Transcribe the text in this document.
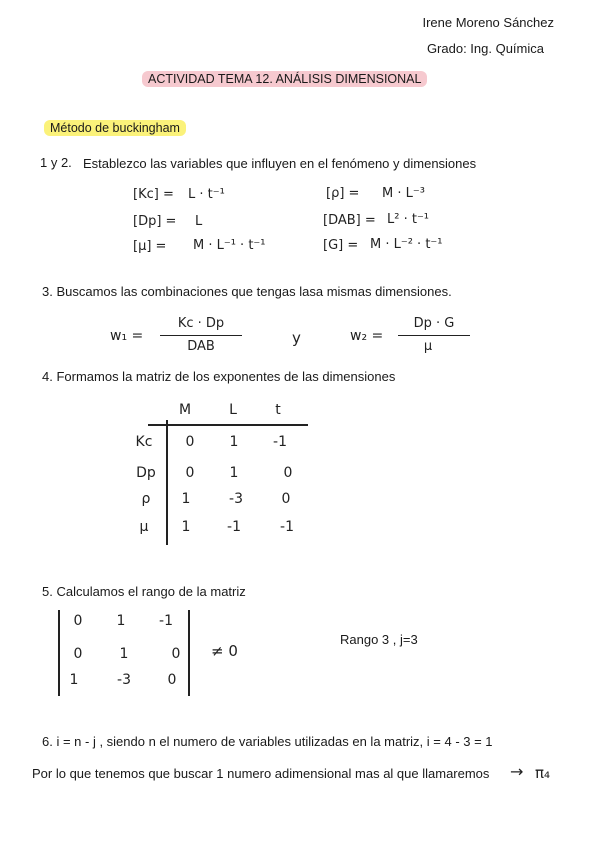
Irene Moreno Sánchez
Grado: Ing. Química
ACTIVIDAD TEMA 12. ANÁLISIS DIMENSIONAL
Método de buckingham
1 y 2. Establezco las variables que influyen en el fenómeno y dimensiones
[Kc] = L · t⁻¹	[ρ] = M · L⁻³
[Dp] = L	[DAB] = L² · t⁻¹
[μ] = M · L⁻¹ · t⁻¹	[G] = M · L⁻² · t⁻¹
3. Buscamos las combinaciones que tengas lasa mismas dimensiones.
w₁ =
Kc · Dp
DAB	y	w₂ =
Dp · G
μ
4. Formamos la matriz de los exponentes de las dimensiones
M	L	t
Kc	0	1	-1
Dp	0	1	0
ρ	1	-3	0
μ	1	-1	-1
5. Calculamos el rango de la matriz
0	1	-1
0	1	0
1	-3	0
≠ 0
Rango 3 , j=3
6. i = n - j , siendo n el numero de variables utilizadas en la matriz, i = 4 - 3 = 1
Por lo que tenemos que buscar 1 numero adimensional mas al que llamaremos → π₄
